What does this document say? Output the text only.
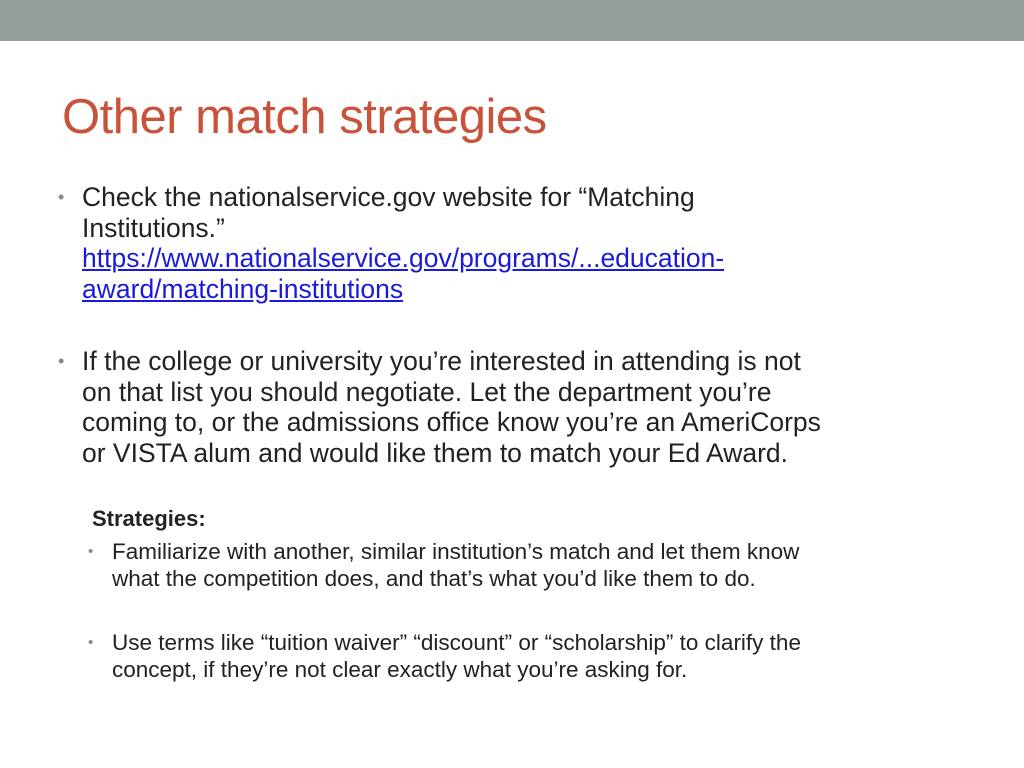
Other match strategies
• Check the nationalservice.gov website for “Matching
Institutions.”
https://www.nationalservice.gov/programs/...education-
award/matching-institutions
• If the college or university you’re interested in attending is not
on that list you should negotiate. Let the department you’re
coming to, or the admissions office know you’re an AmeriCorps
or VISTA alum and would like them to match your Ed Award.
Strategies:
• Familiarize with another, similar institution’s match and let them know
what the competition does, and that’s what you’d like them to do.
• Use terms like “tuition waiver” “discount” or “scholarship” to clarify the
concept, if they’re not clear exactly what you’re asking for.
